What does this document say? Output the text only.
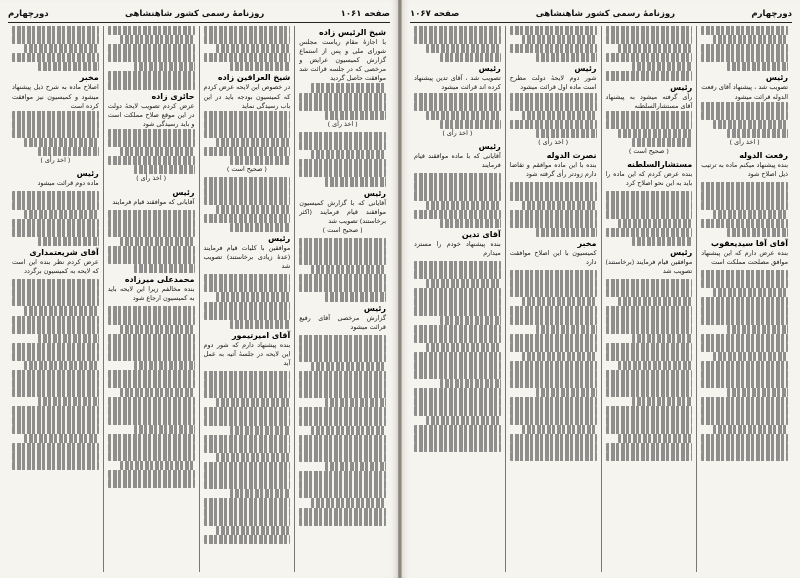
صفحه ۱۰۶۱
روزنامهٔ رسمی کشور شاهنشاهی
دورچهارم
شیخ الرئیس زاده
با اجازهٔ مقام ریاست مجلس شورای ملی و پس از استماع گزارش کمیسیون عرایض و مرخصی که در جلسه قرائت شد موافقت حاصل گردید
( اخذ رأی )
رئیس
آقایانی که با گزارش کمیسیون موافقند قیام فرمایند (اکثر برخاستند) تصویب شد
( صحیح است )
رئیس
گزارش مرخصی آقای رفیع قرائت میشود
شیخ العراقین زاده
در خصوص این لایحه عرض کردم که کمیسیون بودجه باید در این باب رسیدگی نماید
( صحیح است )
رئیس
موافقین با کلیات قیام فرمایند (عدهٔ زیادی برخاستند) تصویب شد
آقای امیرتیمور
بنده پیشنهاد دارم که شور دوم این لایحه در جلسهٔ آتیه به عمل آید
حائری زاده
عرض کردم تصویب لایحهٔ دولت در این موقع صلاح مملکت است و باید رسیدگی شود
( اخذ رأی )
رئیس
آقایانی که موافقند قیام فرمایند
محمدعلی میرزاده
بنده مخالفم زیرا این لایحه باید به کمیسیون ارجاع شود
مخبر
اصلاح ماده به شرح ذیل پیشنهاد میشود و کمیسیون نیز موافقت کرده است
( اخذ رأی )
رئیس
ماده دوم قرائت میشود
آقای شریعتمداری
عرض کردم نظر بنده این است که لایحه به کمیسیون برگردد
دورچهارم
روزنامهٔ رسمی کشور شاهنشاهی
صفحه ۱۰۶۷
رئیس
تصویب شد ، پیشنهاد آقای رفعت الدوله قرائت میشود
( اخذ رأی )
رفعت الدوله
بنده پیشنهاد میکنم ماده به ترتیب ذیل اصلاح شود
آقای آقا سیدیعقوب
بنده عرض دارم که این پیشنهاد موافق مصلحت مملکت است
رئیس
رأی گرفته میشود به پیشنهاد آقای مستشارالسلطنه
( صحیح است )
مستشارالسلطنه
بنده عرض کردم که این ماده را باید به این نحو اصلاح کرد
رئیس
موافقین قیام فرمایند (برخاستند) تصویب شد
رئیس
شور دوم لایحهٔ دولت مطرح است ماده اول قرائت میشود
( اخذ رأی )
نصرت الدوله
بنده با این ماده موافقم و تقاضا دارم زودتر رأی گرفته شود
مخبر
کمیسیون با این اصلاح موافقت دارد
رئیس
تصویب شد ، آقای تدین پیشنهاد کرده اند قرائت میشود
( اخذ رأی )
رئیس
آقایانی که با ماده موافقند قیام فرمایند
آقای تدین
بنده پیشنهاد خودم را مسترد میدارم
